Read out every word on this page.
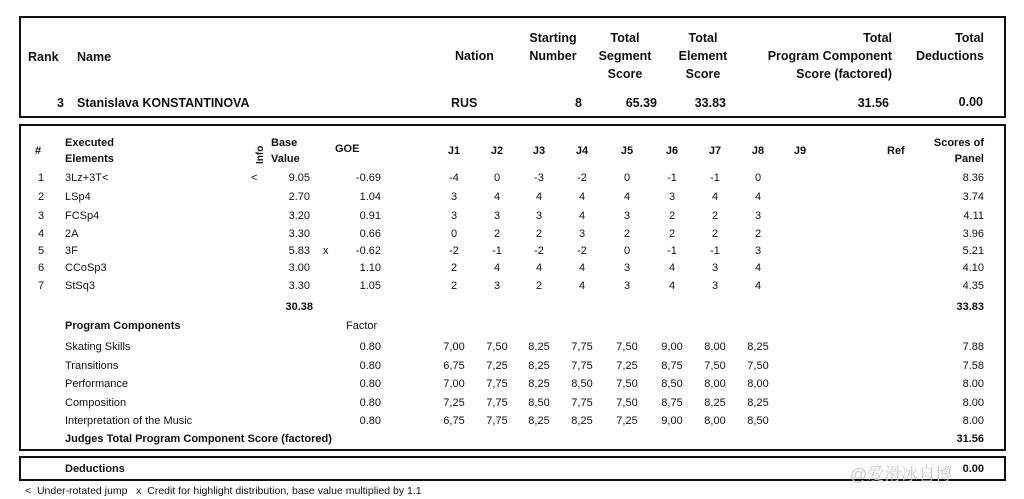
Rank Name	Nation
Starting
Number
Total
Segment
Score
Total
Element
Score
Total
Program Component
Score (factored)
Total
Deductions
3 Stanislava KONSTANTINOVA	RUS	8	65.39	33.83	31.56	0.00
#
Executed
Elements	Info
Base
Value
GOE	J1	J2	J3	J4	J5	J6	J7	J8	J9	Ref
Scores of
Panel
1 3Lz+3T<	<	9.05	-0.69	-4	0	-3	-2	0	-1	-1	0	8.36
2 LSp4	2.70	1.04	3	4	4	4	4	3	4	4	3.74
3 FCSp4	3.20	0.91	3	3	3	4	3	2	2	3	4.11
4 2A	3.30	0.66	0	2	2	3	2	2	2	2	3.96
5 3F	5.83 x	-0.62	-2	-1	-2	-2	0	-1	-1	3	5.21
6 CCoSp3	3.00	1.10	2	4	4	4	3	4	3	4	4.10
7 StSq3	3.30	1.05	2	3	2	4	3	4	3	4	4.35
30.38	33.83
Program Components	Factor
Skating Skills	0.80	7,00	7,50	8,25	7,75	7,50	9,00	8,00	8,25	7.88
Transitions	0.80	6,75	7,25	8,25	7,75	7,25	8,75	7,50	7,50	7.58
Performance	0.80	7,00	7,75	8,25	8,50	7,50	8,50	8,00	8,00	8.00
Composition	0.80	7,25	7,75	8,50	7,75	7,50	8,75	8,25	8,25	8.00
Interpretation of the Music	0.80	6,75	7,75	8,25	8,25	7,25	9,00	8,00	8,50	8.00
Judges Total Program Component Score (factored)	31.56
Deductions	0.00
<  Under-rotated jump   x  Credit for highlight distribution, base value multiplied by 1.1
@爱滑冰自博
